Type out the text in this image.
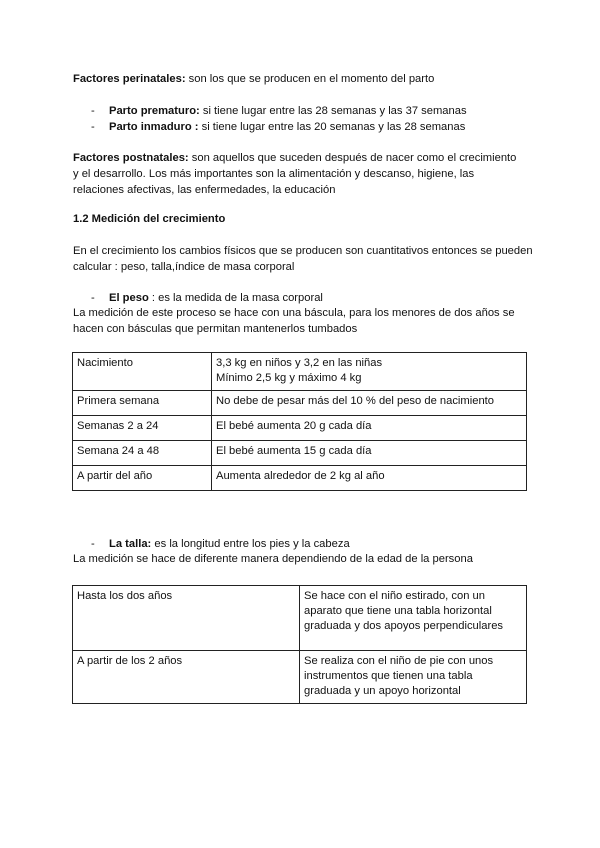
Factores perinatales: son los que se producen en el momento del parto

- Parto prematuro: si tiene lugar entre las 28 semanas y las 37 semanas
- Parto inmaduro : si tiene lugar entre las 20 semanas y las 28 semanas

Factores postnatales: son aquellos que suceden después de nacer como el crecimiento y el desarrollo. Los más importantes son la alimentación y descanso, higiene, las relaciones afectivas, las enfermedades, la educación

1.2 Medición del crecimiento

En el crecimiento los cambios físicos que se producen son cuantitativos entonces se pueden calcular : peso, talla,índice de masa corporal

- El peso : es la medida de la masa corporal

La medición de este proceso se hace con una báscula, para los menores de dos años se hacen con básculas que permitan mantenerlos tumbados

Nacimiento	3,3 kg en niños y 3,2 en las niñas
Mínimo 2,5 kg y máximo 4 kg

Primera semana	No debe de pesar más del 10 % del peso de nacimiento
Semanas 2 a 24	El bebé aumenta 20 g cada día
Semana 24 a 48	El bebé aumenta 15 g cada día
A partir del año	Aumenta alrededor de 2 kg al año
- La talla: es la longitud entre los pies y la cabeza

La medición se hace de diferente manera dependiendo de la edad de la persona

Hasta los dos años	Se hace con el niño estirado, con un aparato que tiene una tabla horizontal graduada y dos apoyos perpendiculares
A partir de los 2 años	Se realiza con el niño de pie con unos instrumentos que tienen una tabla graduada y un apoyo horizontal
